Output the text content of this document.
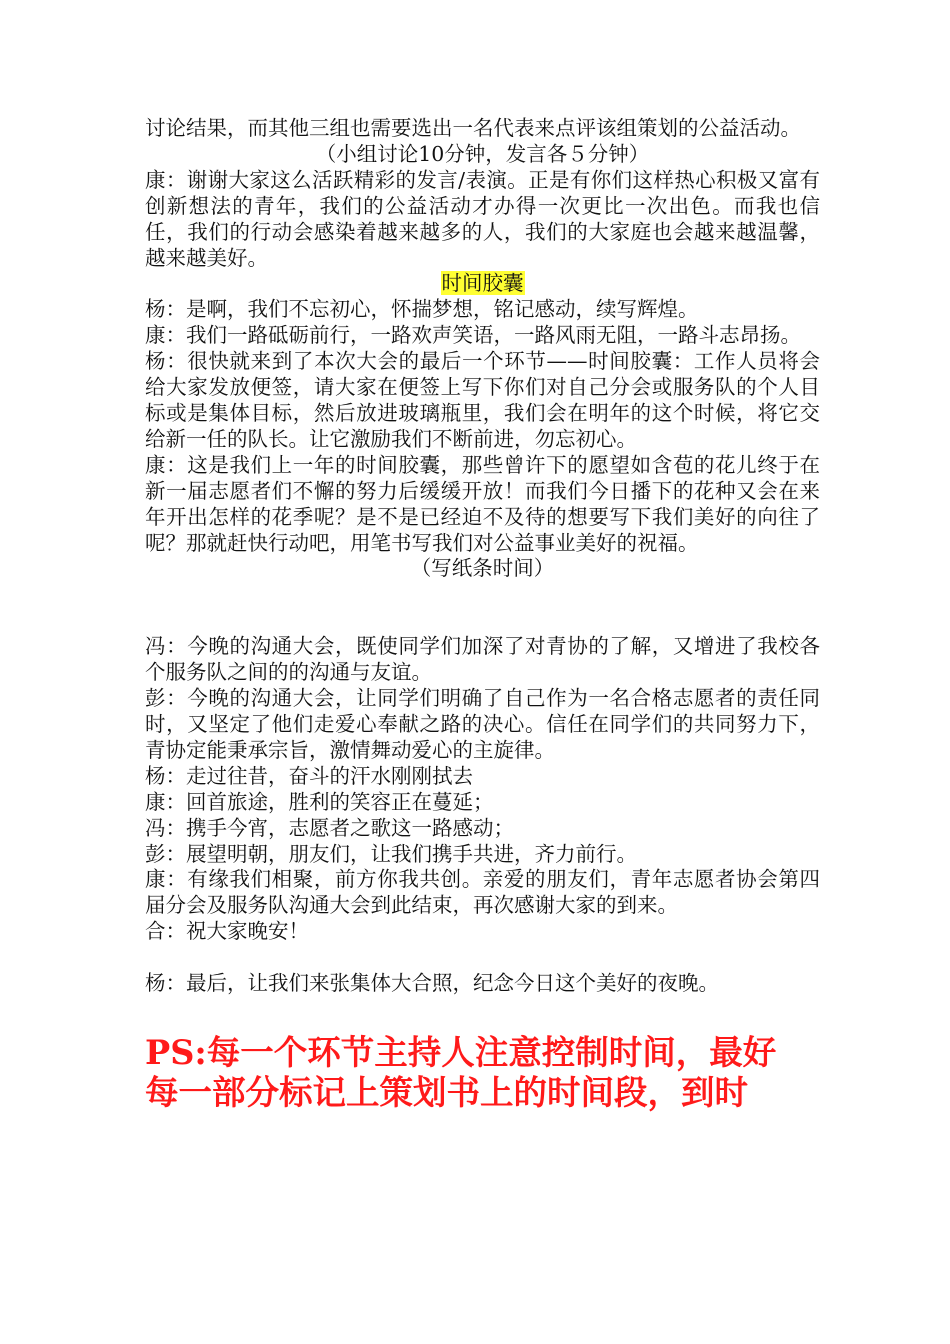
讨论结果，而其他三组也需要选出一名代表来点评该组策划的公益活动。

（小组讨论10分钟，发言各５分钟）

康：谢谢大家这么活跃精彩的发言/表演。正是有你们这样热心积极又富有创新想法的青年，我们的公益活动才办得一次更比一次出色。而我也信任，我们的行动会感染着越来越多的人，我们的大家庭也会越来越温馨，越来越美好。

时间胶囊

杨：是啊，我们不忘初心，怀揣梦想，铭记感动，续写辉煌。

康：我们一路砥砺前行，一路欢声笑语，一路风雨无阻，一路斗志昂扬。

杨：很快就来到了本次大会的最后一个环节——时间胶囊：工作人员将会给大家发放便签，请大家在便签上写下你们对自己分会或服务队的个人目标或是集体目标，然后放进玻璃瓶里，我们会在明年的这个时候，将它交给新一任的队长。让它激励我们不断前进，勿忘初心。

康：这是我们上一年的时间胶囊，那些曾许下的愿望如含苞的花儿终于在新一届志愿者们不懈的努力后缓缓开放！而我们今日播下的花种又会在来年开出怎样的花季呢？是不是已经迫不及待的想要写下我们美好的向往了呢？那就赶快行动吧，用笔书写我们对公益事业美好的祝福。

（写纸条时间）

冯：今晚的沟通大会，既使同学们加深了对青协的了解，又增进了我校各个服务队之间的的沟通与友谊。

彭：今晚的沟通大会，让同学们明确了自己作为一名合格志愿者的责任同时，又坚定了他们走爱心奉献之路的决心。信任在同学们的共同努力下，青协定能秉承宗旨，激情舞动爱心的主旋律。

杨：走过往昔，奋斗的汗水刚刚拭去

康：回首旅途，胜利的笑容正在蔓延；

冯：携手今宵，志愿者之歌这一路感动；

彭：展望明朝，朋友们，让我们携手共进，齐力前行。

康：有缘我们相聚，前方你我共创。亲爱的朋友们，青年志愿者协会第四届分会及服务队沟通大会到此结束，再次感谢大家的到来。

合：祝大家晚安！

杨：最后，让我们来张集体大合照，纪念今日这个美好的夜晚。

PS:每一个环节主持人注意控制时间，最好

每一部分标记上策划书上的时间段，到时
